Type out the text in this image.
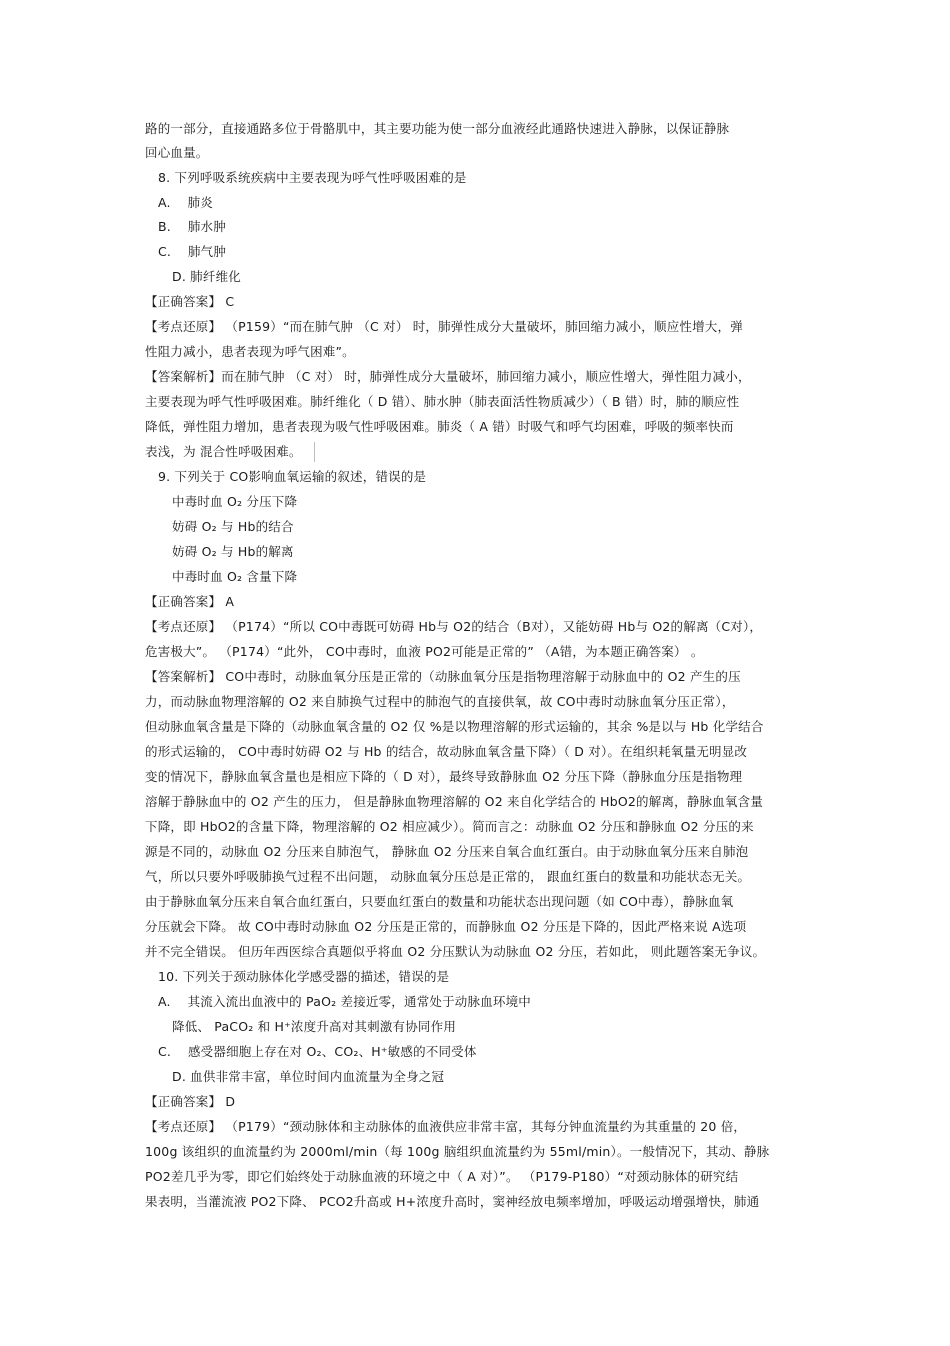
路的一部分，直接通路多位于骨骼肌中，其主要功能为使一部分血液经此通路快速进入静脉，以保证静脉
回心血量。
8. 下列呼吸系统疾病中主要表现为呼气性呼吸困难的是
A.　 肺炎
B.　 肺水肿
C.　 肺气肿
D. 肺纤维化
【正确答案】 C
【考点还原】 （P159）“而在肺气肿 （C 对） 时，肺弹性成分大量破坏，肺回缩力减小，顺应性增大，弹
性阻力减小，患者表现为呼气困难”。
【答案解析】而在肺气肿 （C 对） 时，肺弹性成分大量破坏，肺回缩力减小，顺应性增大，弹性阻力减小，
主要表现为呼气性呼吸困难。肺纤维化（ D 错）、肺水肿（肺表面活性物质减少）（ B 错）时，肺的顺应性
降低，弹性阻力增加，患者表现为吸气性呼吸困难。肺炎（ A 错）时吸气和呼气均困难，呼吸的频率快而
表浅，为 混合性呼吸困难。
9. 下列关于 CO影响血氧运输的叙述，错误的是
中毒时血 O₂ 分压下降
妨碍 O₂ 与 Hb的结合
妨碍 O₂ 与 Hb的解离
中毒时血 O₂ 含量下降
【正确答案】 A
【考点还原】 （P174）“所以 CO中毒既可妨碍 Hb与 O2的结合（B对），又能妨碍 Hb与 O2的解离（C对），
危害极大”。 （P174）“此外， CO中毒时，血液 PO2可能是正常的” （A错，为本题正确答案） 。
【答案解析】 CO中毒时，动脉血氧分压是正常的（动脉血氧分压是指物理溶解于动脉血中的 O2 产生的压
力，而动脉血物理溶解的 O2 来自肺换气过程中的肺泡气的直接供氧，故 CO中毒时动脉血氧分压正常），
但动脉血氧含量是下降的（动脉血氧含量的 O2 仅 %是以物理溶解的形式运输的，其余 %是以与 Hb 化学结合
的形式运输的， CO中毒时妨碍 O2 与 Hb 的结合，故动脉血氧含量下降）（ D 对）。在组织耗氧量无明显改
变的情况下，静脉血氧含量也是相应下降的（ D 对），最终导致静脉血 O2 分压下降（静脉血分压是指物理
溶解于静脉血中的 O2 产生的压力， 但是静脉血物理溶解的 O2 来自化学结合的 HbO2的解离，静脉血氧含量
下降，即 HbO2的含量下降，物理溶解的 O2 相应减少）。简而言之：动脉血 O2 分压和静脉血 O2 分压的来
源是不同的，动脉血 O2 分压来自肺泡气， 静脉血 O2 分压来自氧合血红蛋白。由于动脉血氧分压来自肺泡
气，所以只要外呼吸肺换气过程不出问题， 动脉血氧分压总是正常的， 跟血红蛋白的数量和功能状态无关。
由于静脉血氧分压来自氧合血红蛋白，只要血红蛋白的数量和功能状态出现问题（如 CO中毒），静脉血氧
分压就会下降。 故 CO中毒时动脉血 O2 分压是正常的，而静脉血 O2 分压是下降的，因此严格来说 A选项
并不完全错误。 但历年西医综合真题似乎将血 O2 分压默认为动脉血 O2 分压，若如此， 则此题答案无争议。
10. 下列关于颈动脉体化学感受器的描述，错误的是
A.　 其流入流出血液中的 PaO₂ 差接近零，通常处于动脉血环境中
降低、 PaCO₂ 和 H⁺浓度升高对其刺激有协同作用
C.　 感受器细胞上存在对 O₂、CO₂、H⁺敏感的不同受体
D. 血供非常丰富，单位时间内血流量为全身之冠
【正确答案】 D
【考点还原】 （P179）“颈动脉体和主动脉体的血液供应非常丰富，其每分钟血流量约为其重量的 20 倍，
100g 该组织的血流量约为 2000ml/min（每 100g 脑组织血流量约为 55ml/min）。一般情况下，其动、静脉
PO2差几乎为零，即它们始终处于动脉血液的环境之中（ A 对）”。 （P179-P180）“对颈动脉体的研究结
果表明，当灌流液 PO2下降、 PCO2升高或 H+浓度升高时，窦神经放电频率增加，呼吸运动增强增快，肺通
